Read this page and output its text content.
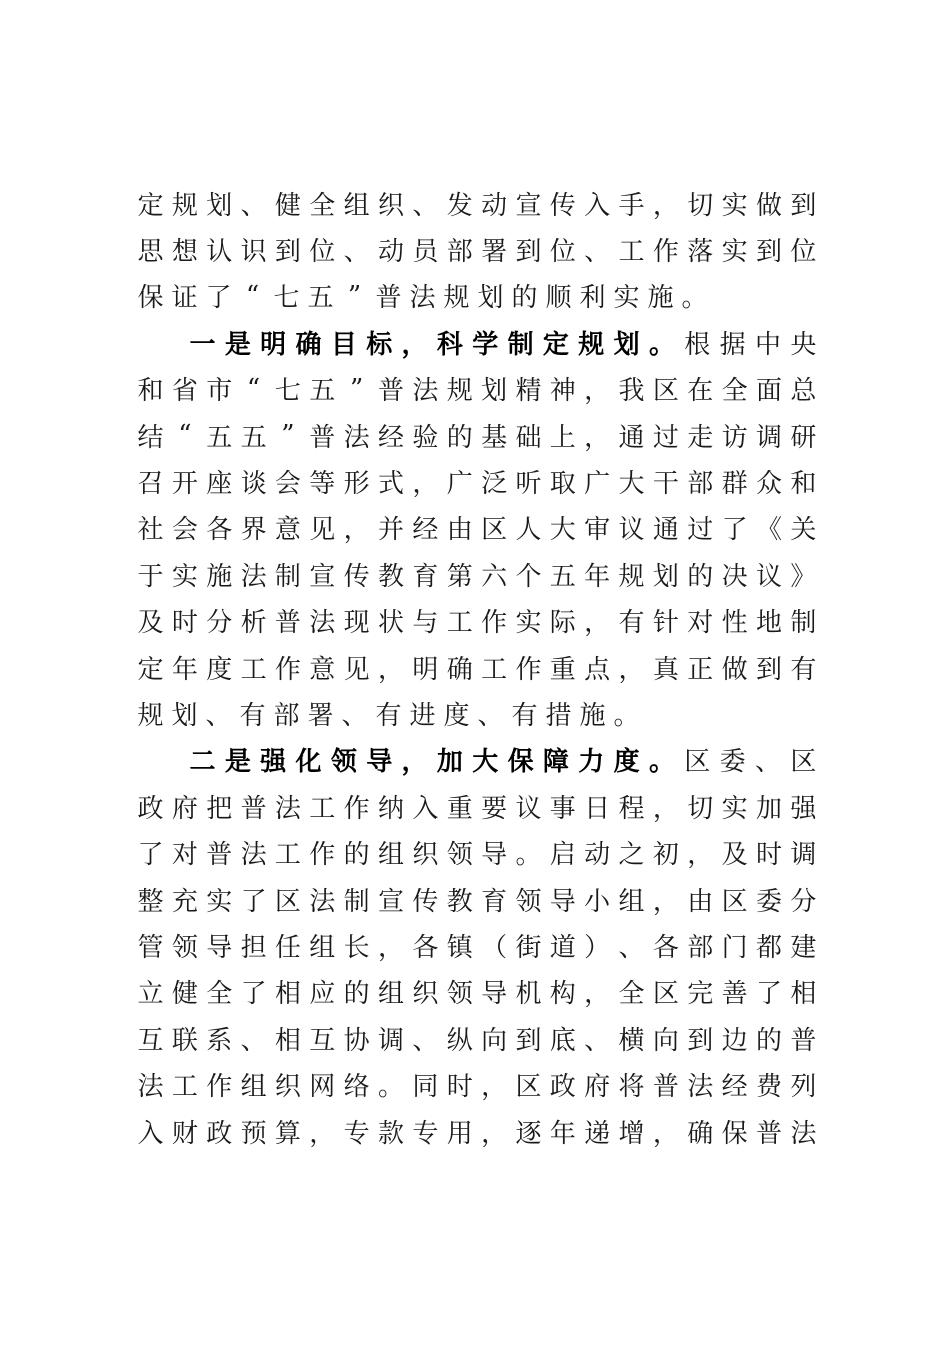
定 规 划 、 健 全 组 织 、 发 动 宣 传 入 手 ， 切 实 做 到
思 想 认 识 到 位 、 动 员 部 署 到 位 、 工 作 落 实 到 位
保 证 了 “ 七 五 ” 普 法 规 划 的 顺 利 实 施 。
一 是 明 确 目 标 ， 科 学 制 定 规 划 。 根 据 中 央
和 省 市 “ 七 五 ” 普 法 规 划 精 神 ， 我 区 在 全 面 总
结 “ 五 五 ” 普 法 经 验 的 基 础 上 ， 通 过 走 访 调 研
召 开 座 谈 会 等 形 式 ， 广 泛 听 取 广 大 干 部 群 众 和
社 会 各 界 意 见 ， 并 经 由 区 人 大 审 议 通 过 了 《 关
于 实 施 法 制 宣 传 教 育 第 六 个 五 年 规 划 的 决 议 》
及 时 分 析 普 法 现 状 与 工 作 实 际 ， 有 针 对 性 地 制
定 年 度 工 作 意 见 ， 明 确 工 作 重 点 ， 真 正 做 到 有
规 划 、 有 部 署 、 有 进 度 、 有 措 施 。
二 是 强 化 领 导 ， 加 大 保 障 力 度 。 区 委 、 区
政 府 把 普 法 工 作 纳 入 重 要 议 事 日 程 ， 切 实 加 强
了 对 普 法 工 作 的 组 织 领 导 。 启 动 之 初 ， 及 时 调
整 充 实 了 区 法 制 宣 传 教 育 领 导 小 组 ， 由 区 委 分
管 领 导 担 任 组 长 ， 各 镇 （ 街 道 ） 、 各 部 门 都 建
立 健 全 了 相 应 的 组 织 领 导 机 构 ， 全 区 完 善 了 相
互 联 系 、 相 互 协 调 、 纵 向 到 底 、 横 向 到 边 的 普
法 工 作 组 织 网 络 。 同 时 ， 区 政 府 将 普 法 经 费 列
入 财 政 预 算 ， 专 款 专 用 ， 逐 年 递 增 ， 确 保 普 法
